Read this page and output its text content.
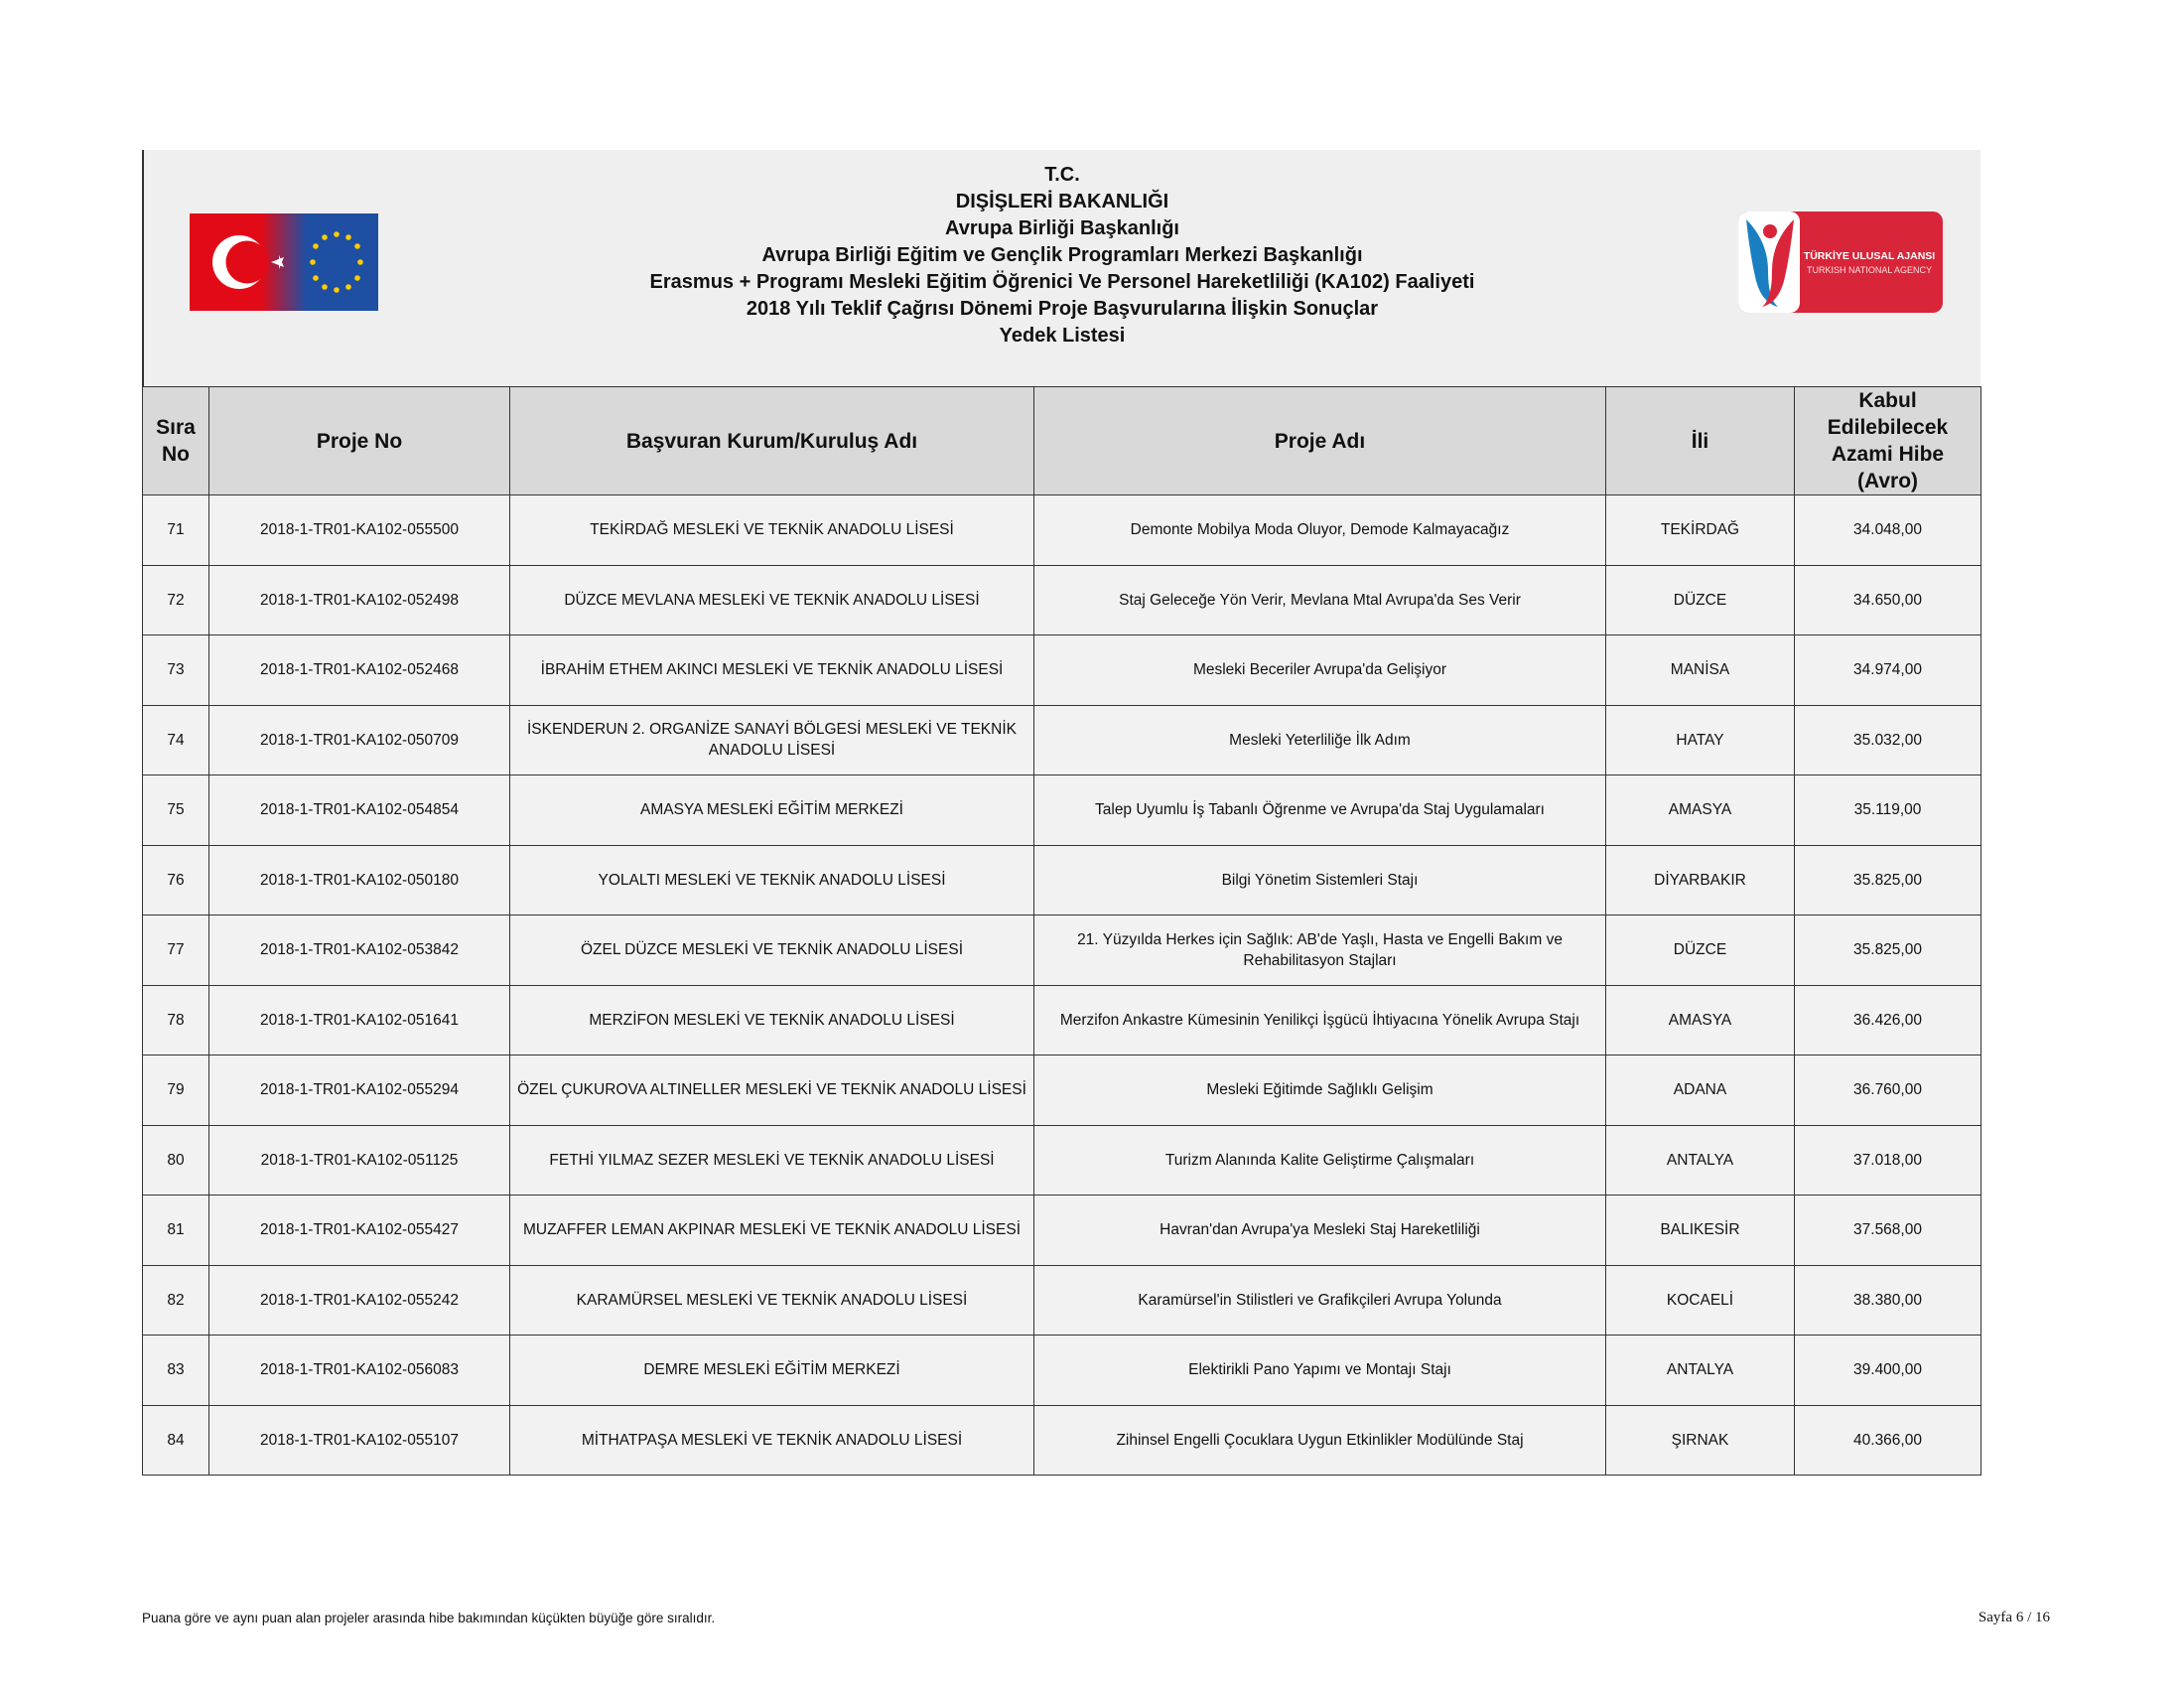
T.C.
DIŞİŞLERİ BAKANLIĞI
Avrupa Birliği Başkanlığı
Avrupa Birliği Eğitim ve Gençlik Programları Merkezi Başkanlığı
Erasmus + Programı Mesleki Eğitim Öğrenici Ve Personel Hareketliliği (KA102) Faaliyeti
2018 Yılı Teklif Çağrısı Dönemi Proje Başvurularına İlişkin Sonuçlar
Yedek Listesi
TÜRKİYE ULUSAL AJANSI
TURKISH NATIONAL AGENCY
Sıra No	Proje No	Başvuran Kurum/Kuruluş Adı	Proje Adı	İli	Kabul Edilebilecek Azami Hibe (Avro)
71	2018-1-TR01-KA102-055500	TEKİRDAĞ MESLEKİ VE TEKNİK ANADOLU LİSESİ	Demonte Mobilya Moda Oluyor, Demode Kalmayacağız	TEKİRDAĞ	34.048,00
72	2018-1-TR01-KA102-052498	DÜZCE MEVLANA MESLEKİ VE TEKNİK ANADOLU LİSESİ	Staj Geleceğe Yön Verir, Mevlana Mtal Avrupa'da Ses Verir	DÜZCE	34.650,00
73	2018-1-TR01-KA102-052468	İBRAHİM ETHEM AKINCI MESLEKİ VE TEKNİK ANADOLU LİSESİ	Mesleki Beceriler Avrupa'da Gelişiyor	MANİSA	34.974,00
74	2018-1-TR01-KA102-050709	İSKENDERUN 2. ORGANİZE SANAYİ BÖLGESİ MESLEKİ VE TEKNİK ANADOLU LİSESİ	Mesleki Yeterliliğe İlk Adım	HATAY	35.032,00
75	2018-1-TR01-KA102-054854	AMASYA MESLEKİ EĞİTİM MERKEZİ	Talep Uyumlu İş Tabanlı Öğrenme ve Avrupa'da Staj Uygulamaları	AMASYA	35.119,00
76	2018-1-TR01-KA102-050180	YOLALTI MESLEKİ VE TEKNİK ANADOLU LİSESİ	Bilgi Yönetim Sistemleri Stajı	DİYARBAKIR	35.825,00
77	2018-1-TR01-KA102-053842	ÖZEL DÜZCE MESLEKİ VE TEKNİK ANADOLU LİSESİ	21. Yüzyılda Herkes için Sağlık: AB'de Yaşlı, Hasta ve Engelli Bakım ve Rehabilitasyon Stajları	DÜZCE	35.825,00
78	2018-1-TR01-KA102-051641	MERZİFON MESLEKİ VE TEKNİK ANADOLU LİSESİ	Merzifon Ankastre Kümesinin Yenilikçi İşgücü İhtiyacına Yönelik Avrupa Stajı	AMASYA	36.426,00
79	2018-1-TR01-KA102-055294	ÖZEL ÇUKUROVA ALTINELLER MESLEKİ VE TEKNİK ANADOLU LİSESİ	Mesleki Eğitimde Sağlıklı Gelişim	ADANA	36.760,00
80	2018-1-TR01-KA102-051125	FETHİ YILMAZ SEZER MESLEKİ VE TEKNİK ANADOLU LİSESİ	Turizm Alanında Kalite Geliştirme Çalışmaları	ANTALYA	37.018,00
81	2018-1-TR01-KA102-055427	MUZAFFER LEMAN AKPINAR MESLEKİ VE TEKNİK ANADOLU LİSESİ	Havran'dan Avrupa'ya Mesleki Staj Hareketliliği	BALIKESİR	37.568,00
82	2018-1-TR01-KA102-055242	KARAMÜRSEL MESLEKİ VE TEKNİK ANADOLU LİSESİ	Karamürsel'in Stilistleri ve Grafikçileri Avrupa Yolunda	KOCAELİ	38.380,00
83	2018-1-TR01-KA102-056083	DEMRE MESLEKİ EĞİTİM MERKEZİ	Elektirikli Pano Yapımı ve Montajı Stajı	ANTALYA	39.400,00
84	2018-1-TR01-KA102-055107	MİTHATPAŞA MESLEKİ VE TEKNİK ANADOLU LİSESİ	Zihinsel Engelli Çocuklara Uygun Etkinlikler Modülünde Staj	ŞIRNAK	40.366,00
Puana göre ve aynı puan alan projeler arasında hibe bakımından küçükten büyüğe göre sıralıdır.	Sayfa 6 / 16
